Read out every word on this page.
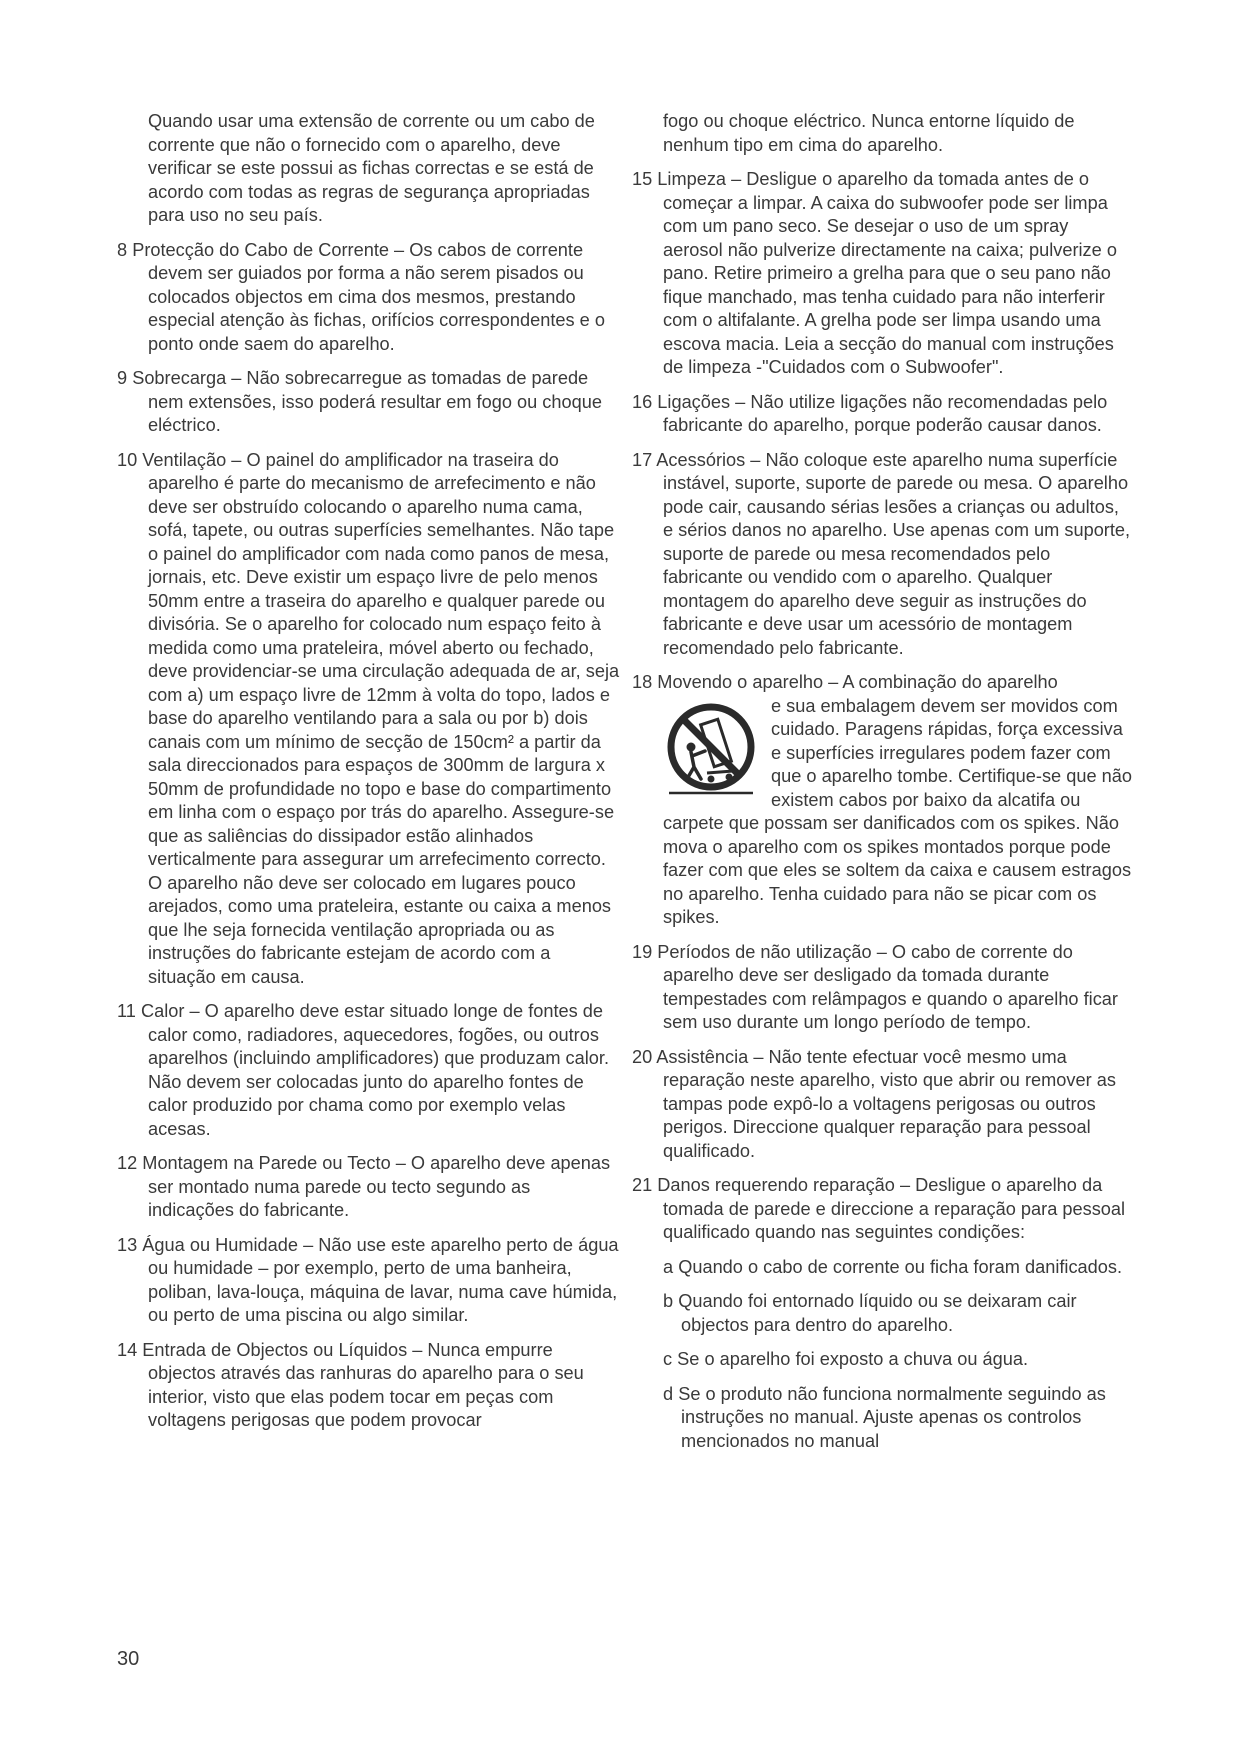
Quando usar uma extensão de corrente ou um cabo de corrente que não o fornecido com o aparelho, deve verificar se este possui as fichas correctas e se está de acordo com todas as regras de segurança apropriadas para uso no seu país.

8 Protecção do Cabo de Corrente – Os cabos de corrente devem ser guiados por forma a não serem pisados ou colocados objectos em cima dos mesmos, prestando especial atenção às fichas, orifícios correspondentes e o ponto onde saem do aparelho.

9 Sobrecarga – Não sobrecarregue as tomadas de parede nem extensões, isso poderá resultar em fogo ou choque eléctrico.

10 Ventilação – O painel do amplificador na traseira do aparelho é parte do mecanismo de arrefecimento e não deve ser obstruído colocando o aparelho numa cama, sofá, tapete, ou outras superfícies semelhantes. Não tape o painel do amplificador com nada como panos de mesa, jornais, etc. Deve existir um espaço livre de pelo menos 50mm entre a traseira do aparelho e qualquer parede ou divisória. Se o aparelho for colocado num espaço feito à medida como uma prateleira, móvel aberto ou fechado, deve providenciar-se uma circulação adequada de ar, seja com a) um espaço livre de 12mm à volta do topo, lados e base do aparelho ventilando para a sala ou por b) dois canais com um mínimo de secção de 150cm² a partir da sala direccionados para espaços de 300mm de largura x 50mm de profundidade no topo e base do compartimento em linha com o espaço por trás do aparelho. Assegure-se que as saliências do dissipador estão alinhados verticalmente para assegurar um arrefecimento correcto. O aparelho não deve ser colocado em lugares pouco arejados, como uma prateleira, estante ou caixa a menos que lhe seja fornecida ventilação apropriada ou as instruções do fabricante estejam de acordo com a situação em causa.

11 Calor – O aparelho deve estar situado longe de fontes de calor como, radiadores, aquecedores, fogões, ou outros aparelhos (incluindo amplificadores) que produzam calor. Não devem ser colocadas junto do aparelho fontes de calor produzido por chama como por exemplo velas acesas.

12 Montagem na Parede ou Tecto – O aparelho deve apenas ser montado numa parede ou tecto segundo as indicações do fabricante.

13 Água ou Humidade – Não use este aparelho perto de água ou humidade – por exemplo, perto de uma banheira, poliban, lava-louça, máquina de lavar, numa cave húmida, ou perto de uma piscina ou algo similar.

14 Entrada de Objectos ou Líquidos – Nunca empurre objectos através das ranhuras do aparelho para o seu interior, visto que elas podem tocar em peças com voltagens perigosas que podem provocar

fogo ou choque eléctrico. Nunca entorne líquido de nenhum tipo em cima do aparelho.

15 Limpeza – Desligue o aparelho da tomada antes de o começar a limpar. A caixa do subwoofer pode ser limpa com um pano seco. Se desejar o uso de um spray aerosol não pulverize directamente na caixa; pulverize o pano. Retire primeiro a grelha para que o seu pano não fique manchado, mas tenha cuidado para não interferir com o altifalante. A grelha pode ser limpa usando uma escova macia. Leia a secção do manual com instruções de limpeza -"Cuidados com o Subwoofer".

16 Ligações – Não utilize ligações não recomendadas pelo fabricante do aparelho, porque poderão causar danos.

17 Acessórios – Não coloque este aparelho numa superfície instável, suporte, suporte de parede ou mesa. O aparelho pode cair, causando sérias lesões a crianças ou adultos, e sérios danos no aparelho. Use apenas com um suporte, suporte de parede ou mesa recomendados pelo fabricante ou vendido com o aparelho. Qualquer montagem do aparelho deve seguir as instruções do fabricante e deve usar um acessório de montagem recomendado pelo fabricante.

18 Movendo o aparelho – A combinação do aparelho

e sua embalagem devem ser movidos com cuidado. Paragens rápidas, força excessiva e superfícies irregulares podem fazer com que o aparelho tombe. Certifique-se que não existem cabos por baixo da alcatifa ou carpete que possam ser danificados com os spikes. Não mova o aparelho com os spikes montados porque pode fazer com que eles se soltem da caixa e causem estragos no aparelho. Tenha cuidado para não se picar com os spikes.

19 Períodos de não utilização – O cabo de corrente do aparelho deve ser desligado da tomada durante tempestades com relâmpagos e quando o aparelho ficar sem uso durante um longo período de tempo.

20 Assistência – Não tente efectuar você mesmo uma reparação neste aparelho, visto que abrir ou remover as tampas pode expô-lo a voltagens perigosas ou outros perigos. Direccione qualquer reparação para pessoal qualificado.

21 Danos requerendo reparação – Desligue o aparelho da tomada de parede e direccione a reparação para pessoal qualificado quando nas seguintes condições:

a Quando o cabo de corrente ou ficha foram danificados.

b Quando foi entornado líquido ou se deixaram cair objectos para dentro do aparelho.

c Se o aparelho foi exposto a chuva ou água.

d Se o produto não funciona normalmente seguindo as instruções no manual. Ajuste apenas os controlos mencionados no manual

30
